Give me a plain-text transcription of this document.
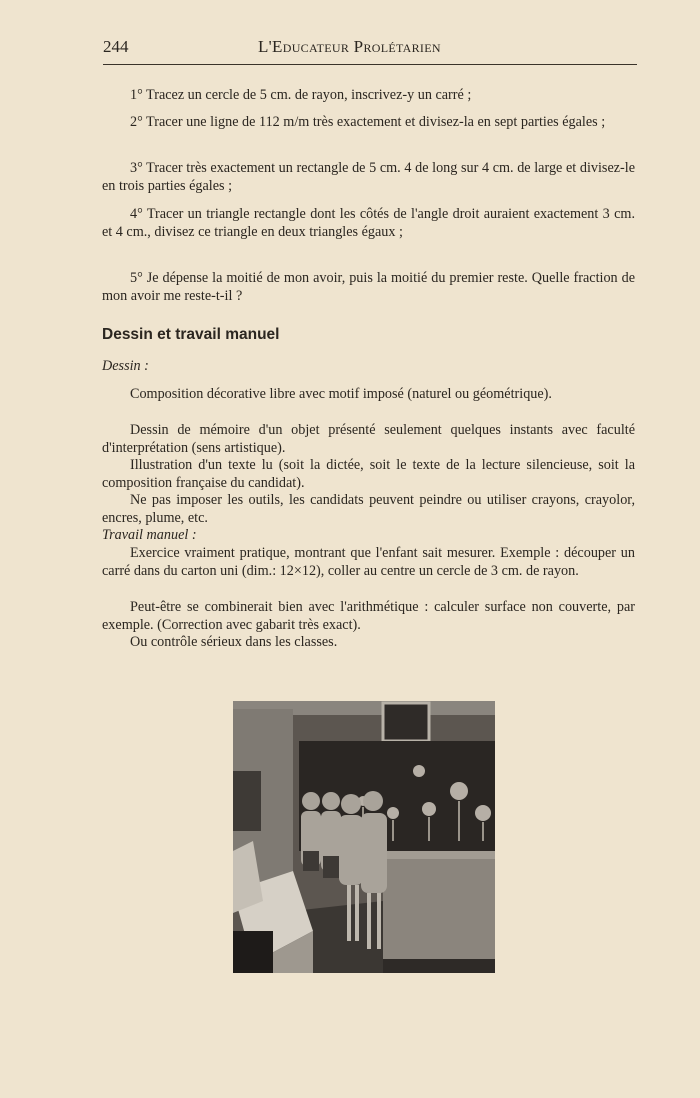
244	L'Educateur Prolétarien

1° Tracez un cercle de 5 cm. de rayon, inscrivez-y un carré ;

2° Tracer une ligne de 112 m/m très exactement et divisez-la en sept parties égales ;

3° Tracer très exactement un rectangle de 5 cm. 4 de long sur 4 cm. de large et divisez-le en trois parties égales ;

4° Tracer un triangle rectangle dont les côtés de l'angle droit auraient exactement 3 cm. et 4 cm., divisez ce triangle en deux triangles égaux ;

5° Je dépense la moitié de mon avoir, puis la moitié du premier reste. Quelle fraction de mon avoir me reste-t-il ?

Dessin et travail manuel
Dessin :

Composition décorative libre avec motif imposé (naturel ou géométrique).

Dessin de mémoire d'un objet présenté seulement quelques instants avec faculté d'interprétation (sens artistique).

Illustration d'un texte lu (soit la dictée, soit le texte de la lecture silencieuse, soit la composition française du candidat).

Ne pas imposer les outils, les candidats peuvent peindre ou utiliser crayons, crayolor, encres, plume, etc.

Travail manuel :

Exercice vraiment pratique, montrant que l'enfant sait mesurer. Exemple : découper un carré dans du carton uni (dim.: 12×12), coller au centre un cercle de 3 cm. de rayon.

Peut-être se combinerait bien avec l'arithmétique : calculer surface non couverte, par exemple. (Correction avec gabarit très exact).

Ou contrôle sérieux dans les classes.
